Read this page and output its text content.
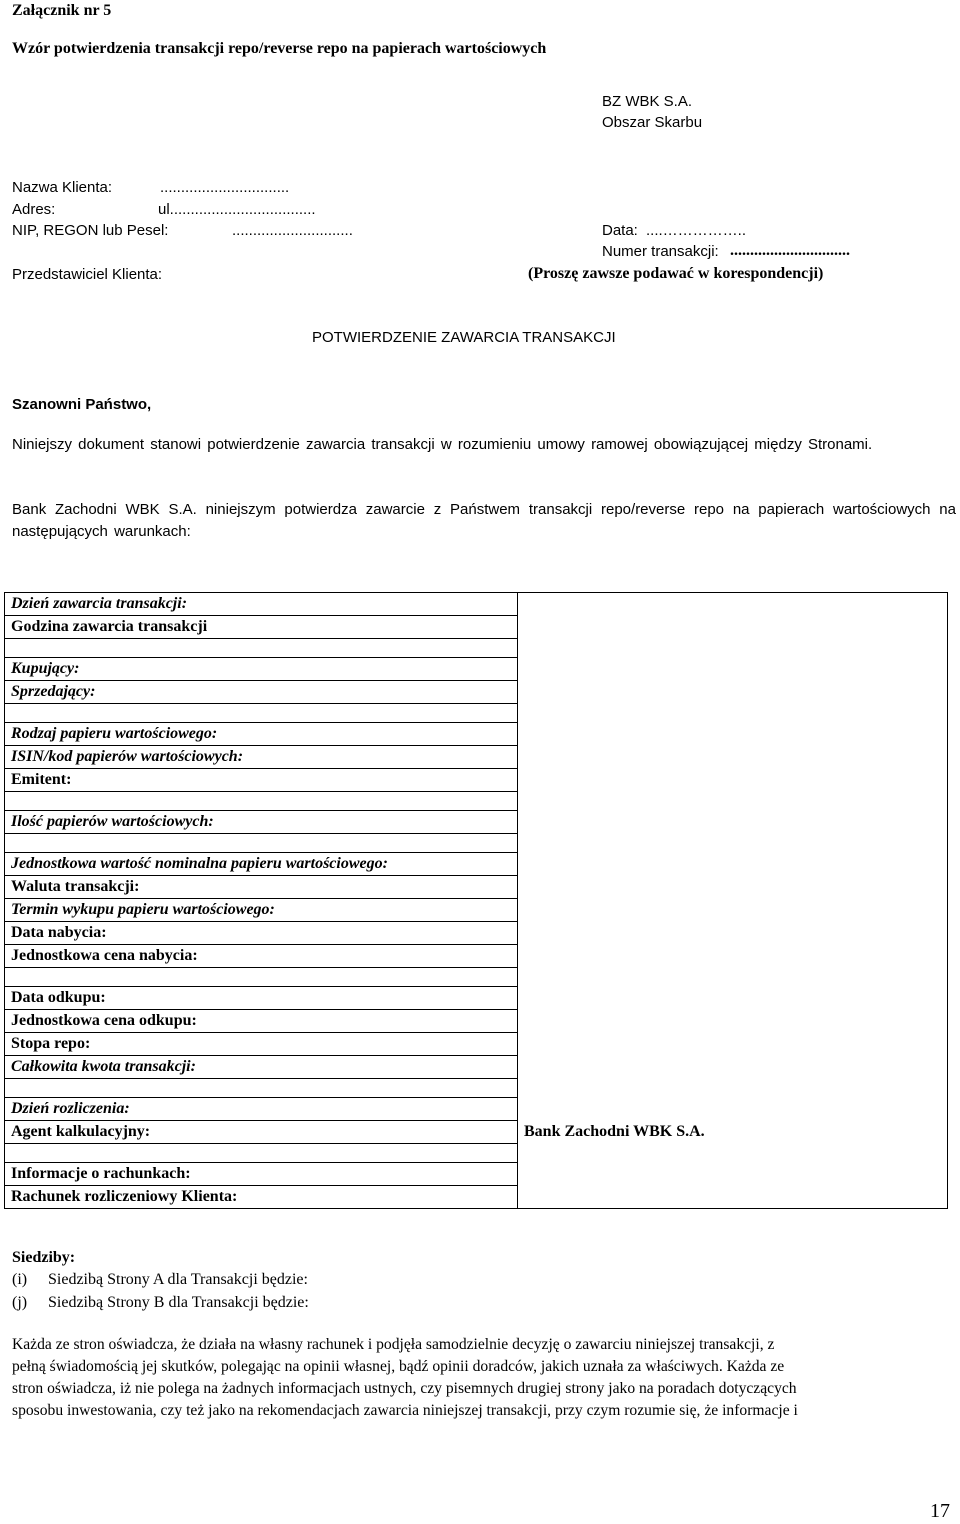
Załącznik nr 5
Wzór potwierdzenia transakcji repo/reverse repo na papierach wartościowych
BZ WBK S.A.
Obszar Skarbu
Nazwa Klienta:	...............................
Adres:	ul...................................
NIP, REGON lub Pesel:	.............................
Przedstawiciel Klienta:
Data: ....……………..
Numer transakcji: ..............................
(Proszę zawsze podawać w korespondencji)
POTWIERDZENIE ZAWARCIA TRANSAKCJI
Szanowni Państwo,
Niniejszy dokument stanowi potwierdzenie zawarcia transakcji w rozumieniu umowy ramowej obowiązującej między Stronami.
Bank Zachodni WBK S.A. niniejszym potwierdza zawarcie z Państwem transakcji repo/reverse repo na papierach wartościowych na następujących warunkach:
Dzień zawarcia transakcji:	
Godzina zawarcia transakcji	

Kupujący:	
Sprzedający:	

Rodzaj papieru wartościowego:	
ISIN/kod papierów wartościowych:	
Emitent:	

Ilość papierów wartościowych:	

Jednostkowa wartość nominalna papieru wartościowego:	
Waluta transakcji:	
Termin wykupu papieru wartościowego:	
Data nabycia:	
Jednostkowa cena nabycia:	

Data odkupu:	
Jednostkowa cena odkupu:	
Stopa repo:	
Całkowita kwota transakcji:	

Dzień rozliczenia:	
Agent kalkulacyjny:	Bank Zachodni WBK S.A.

Informacje o rachunkach:	
Rachunek rozliczeniowy Klienta:	
Siedziby:
(i) Siedzibą Strony A dla Transakcji będzie:
(j) Siedzibą Strony B dla Transakcji będzie:
Każda ze stron oświadcza, że działa na własny rachunek i podjęła samodzielnie decyzję o zawarciu niniejszej transakcji, z
pełną świadomością jej skutków, polegając na opinii własnej, bądź opinii doradców, jakich uznała za właściwych. Każda ze
stron oświadcza, iż nie polega na żadnych informacjach ustnych, czy pisemnych drugiej strony jako na poradach dotyczących
sposobu inwestowania, czy też jako na rekomendacjach zawarcia niniejszej transakcji, przy czym rozumie się, że informacje i
17
